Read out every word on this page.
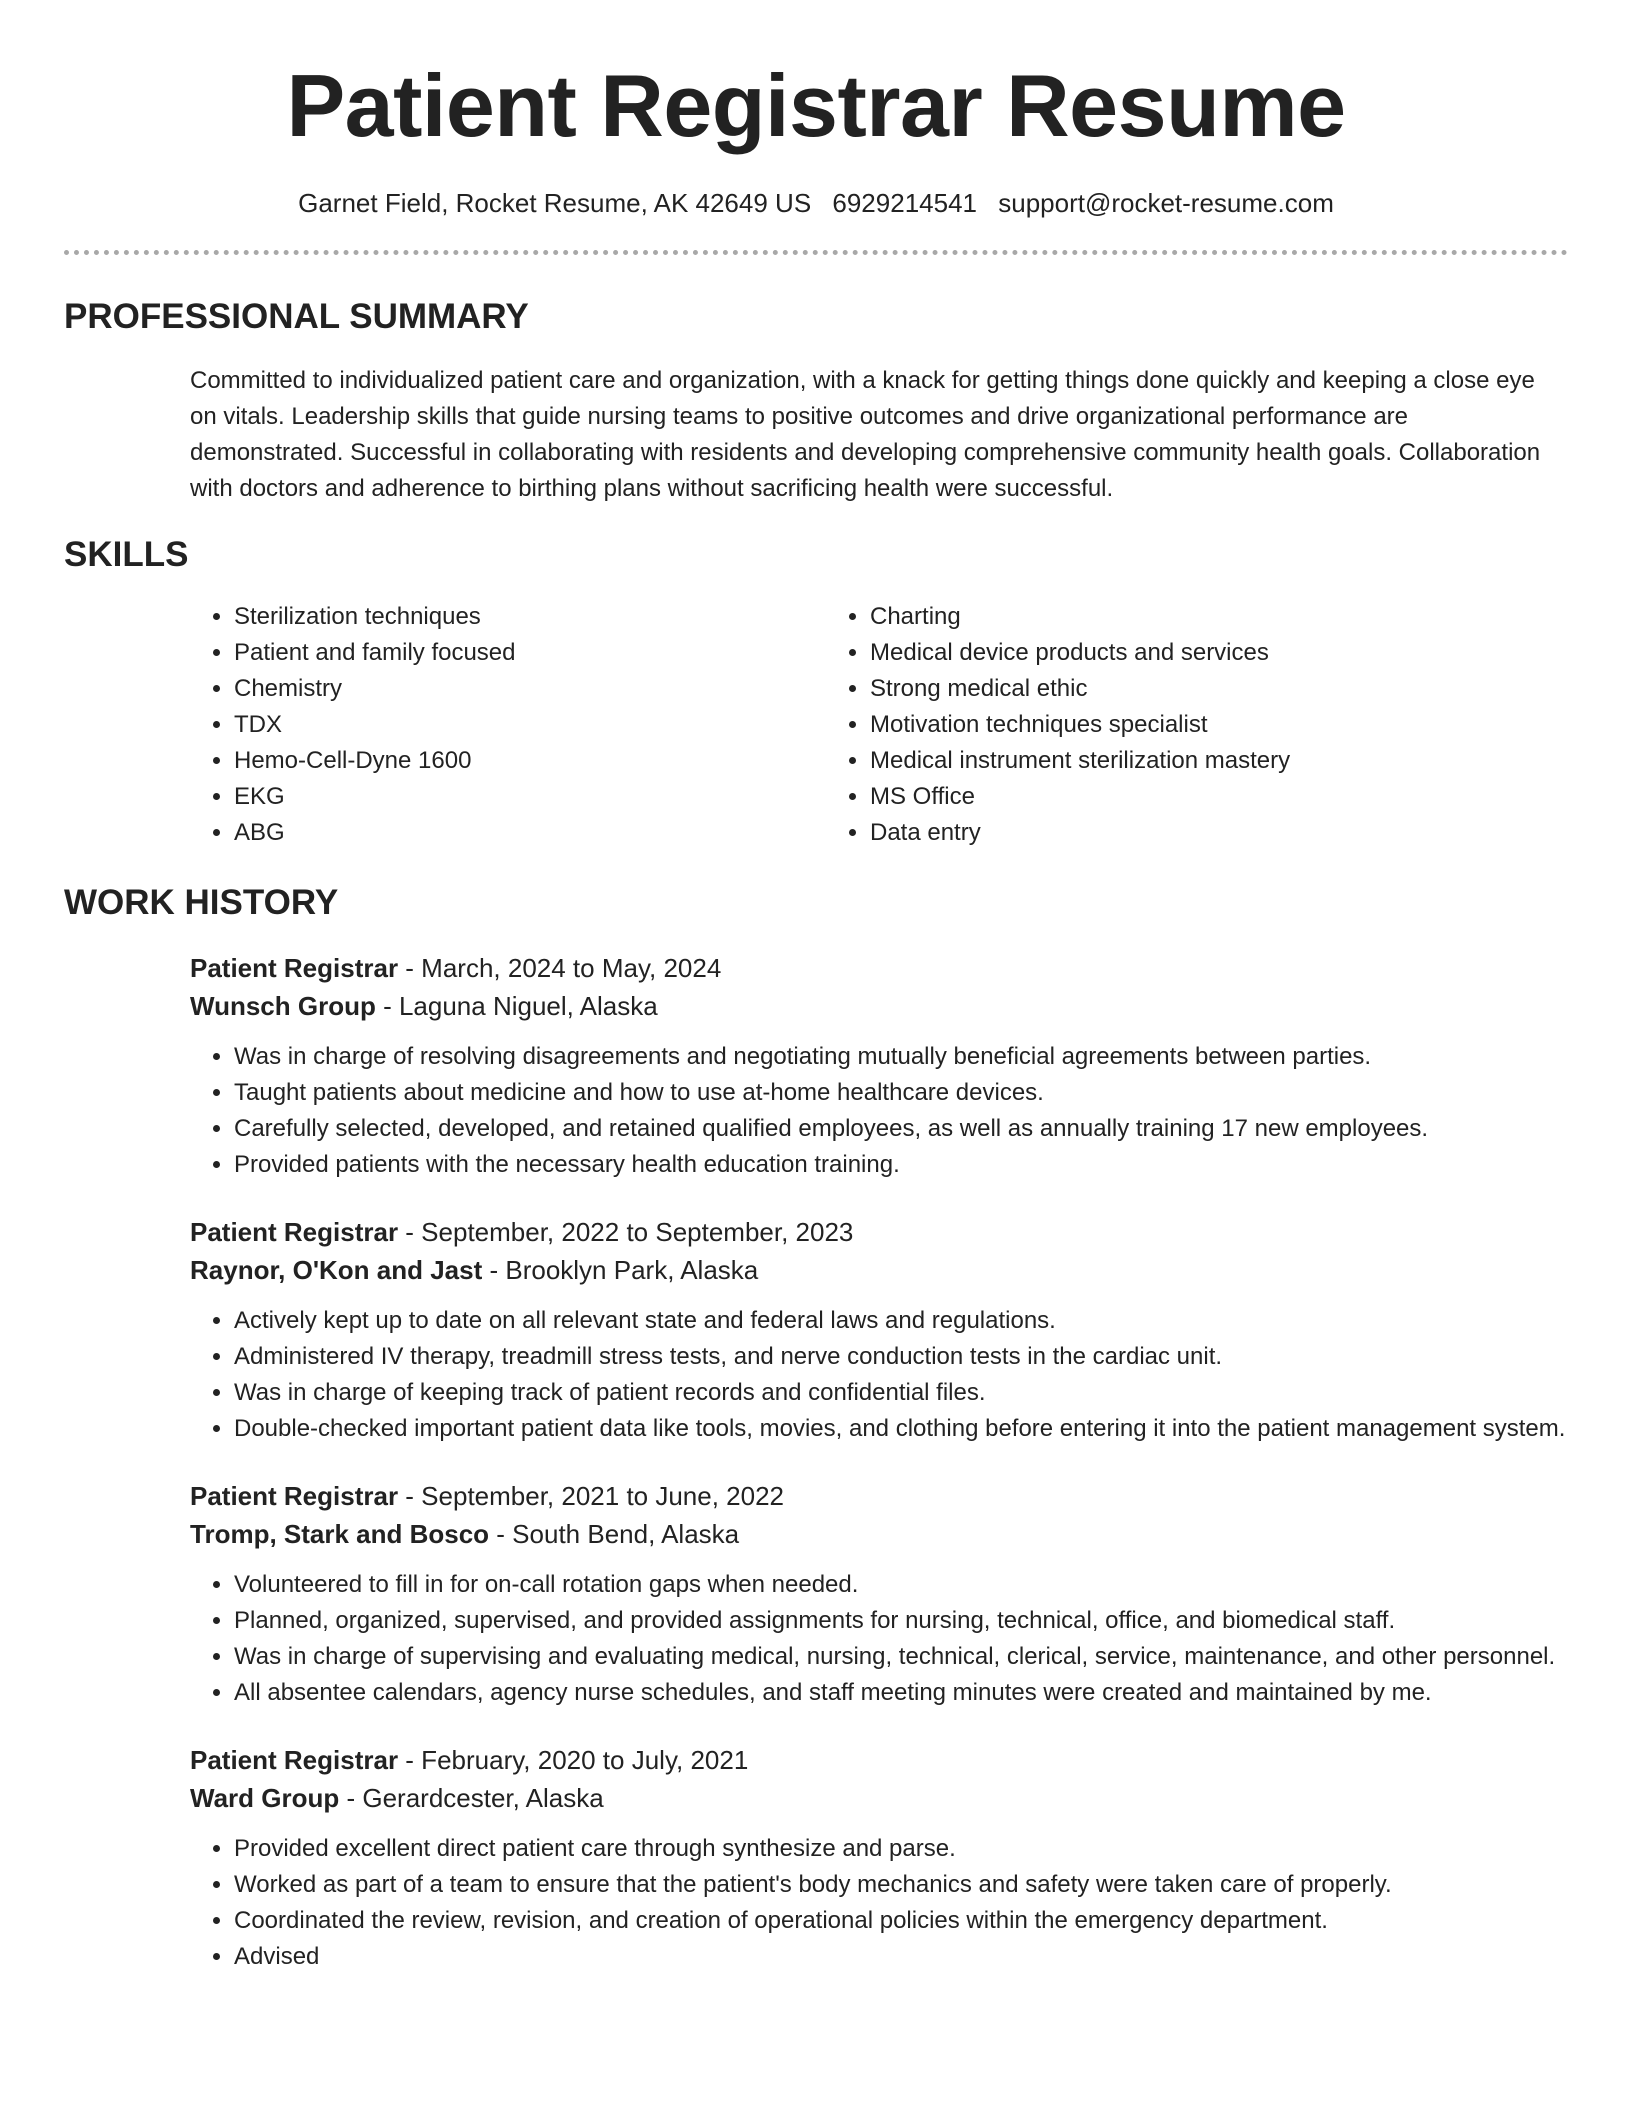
Patient Registrar Resume
Garnet Field, Rocket Resume, AK 42649 US 6929214541 support@rocket-resume.com
PROFESSIONAL SUMMARY

Committed to individualized patient care and organization, with a knack for getting things done quickly and keeping a close eye on vitals. Leadership skills that guide nursing teams to positive outcomes and drive organizational performance are demonstrated. Successful in collaborating with residents and developing comprehensive community health goals. Collaboration with doctors and adherence to birthing plans without sacrificing health were successful.

SKILLS
• Sterilization techniques
• Patient and family focused
• Chemistry
• TDX
• Hemo-Cell-Dyne 1600
• EKG
• ABG
• Charting
• Medical device products and services
• Strong medical ethic
• Motivation techniques specialist
• Medical instrument sterilization mastery
• MS Office
• Data entry
WORK HISTORY
Patient Registrar - March, 2024 to May, 2024
Wunsch Group - Laguna Niguel, Alaska
• Was in charge of resolving disagreements and negotiating mutually beneficial agreements between parties.
• Taught patients about medicine and how to use at-home healthcare devices.
• Carefully selected, developed, and retained qualified employees, as well as annually training 17 new employees.
• Provided patients with the necessary health education training.
Patient Registrar - September, 2022 to September, 2023
Raynor, O'Kon and Jast - Brooklyn Park, Alaska
• Actively kept up to date on all relevant state and federal laws and regulations.
• Administered IV therapy, treadmill stress tests, and nerve conduction tests in the cardiac unit.
• Was in charge of keeping track of patient records and confidential files.
• Double-checked important patient data like tools, movies, and clothing before entering it into the patient management system.
Patient Registrar - September, 2021 to June, 2022
Tromp, Stark and Bosco - South Bend, Alaska
• Volunteered to fill in for on-call rotation gaps when needed.
• Planned, organized, supervised, and provided assignments for nursing, technical, office, and biomedical staff.
• Was in charge of supervising and evaluating medical, nursing, technical, clerical, service, maintenance, and other personnel.
• All absentee calendars, agency nurse schedules, and staff meeting minutes were created and maintained by me.
Patient Registrar - February, 2020 to July, 2021
Ward Group - Gerardcester, Alaska
• Provided excellent direct patient care through synthesize and parse.
• Worked as part of a team to ensure that the patient's body mechanics and safety were taken care of properly.
• Coordinated the review, revision, and creation of operational policies within the emergency department.
• Advised
